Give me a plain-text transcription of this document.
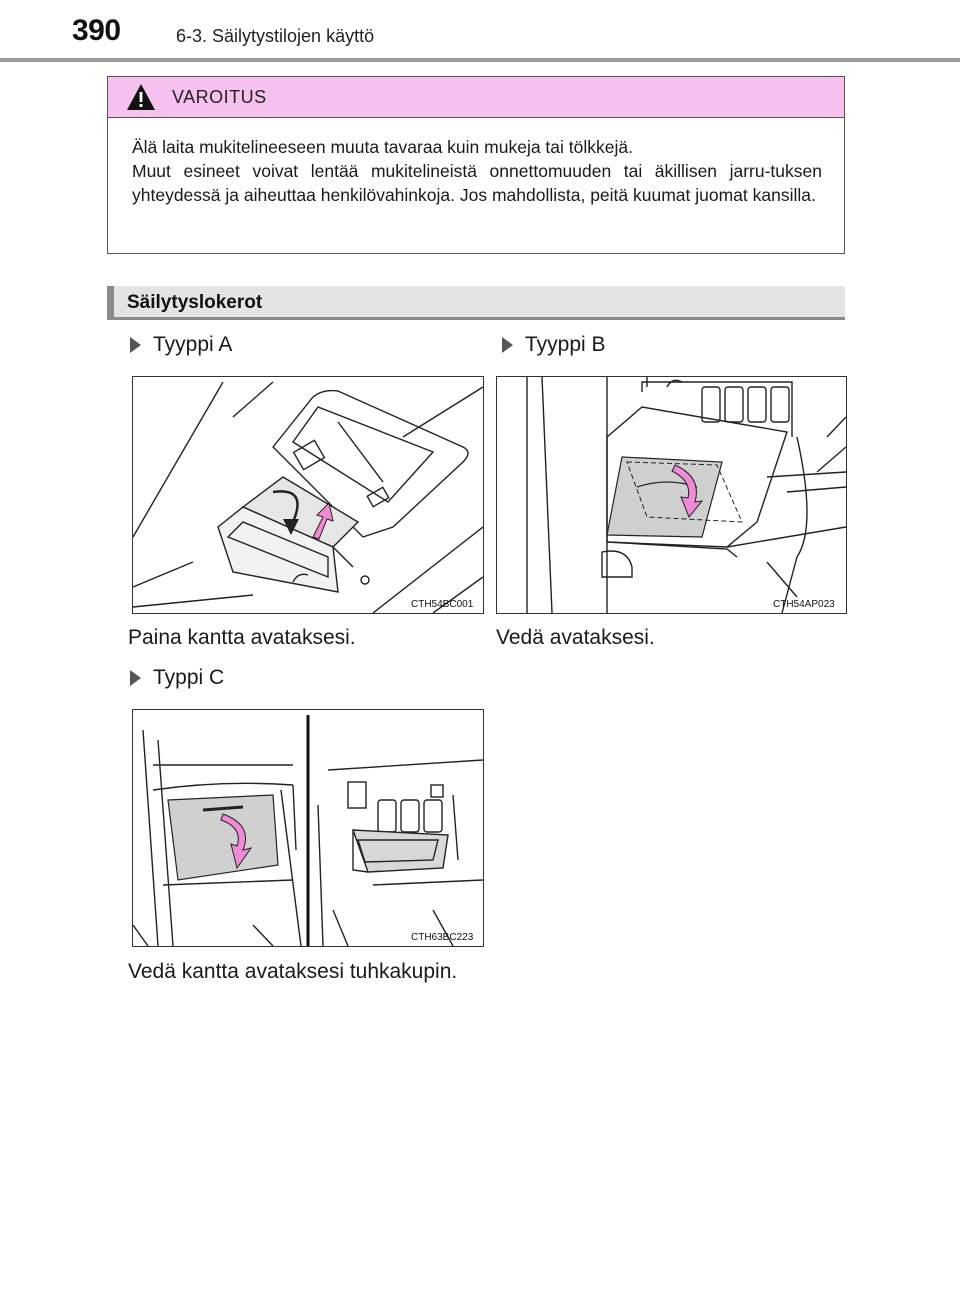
390	6-3. Säilytystilojen käyttö
VAROITUS

Älä laita mukitelineeseen muuta tavaraa kuin mukeja tai tölkkejä.

Muut esineet voivat lentää mukitelineistä onnettomuuden tai äkillisen jarru-tuksen yhteydessä ja aiheuttaa henkilövahinkoja. Jos mahdollista, peitä kuumat juomat kansilla.

Säilytyslokerot
Tyyppi A
CTH54BC001
Paina kantta avataksesi.
Tyyppi B
CTH54AP023
Vedä avataksesi.
Typpi C
CTH63BC223
Vedä kantta avataksesi tuhkakupin.
